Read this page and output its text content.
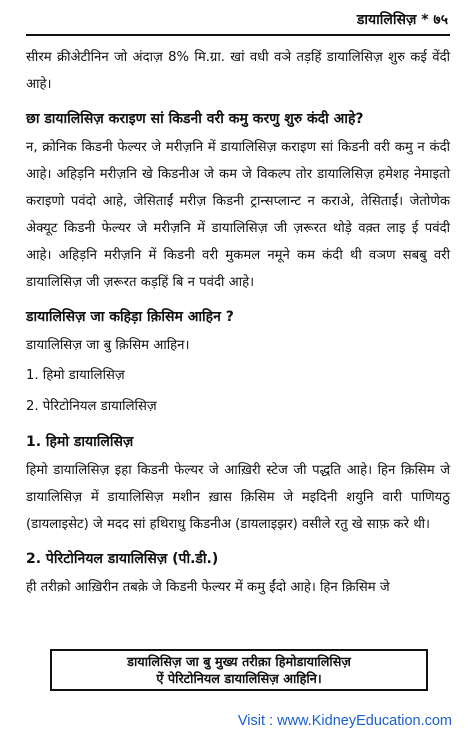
डायालिसिज़ * ७५

सीरम क्रीअेटीनिन जो अंदाज़ 8% मि.ग्रा. खां वधी वञे तड़हिं डायालिसिज़ शुरु कई वेंदी आहे।

छा डायालिसिज़ कराइण सां किडनी वरी कमु करणु शुरु कंदी आहे?

न, क्रोनिक किडनी फेल्यर जे मरीज़नि में डायालिसिज़ कराइण सां किडनी वरी कमु न कंदी आहे। अहिड़नि मरीज़नि खे किडनीअ जे कम जे विकल्प तोर डायालिसिज़ हमेशह नेमाइतो कराइणो पवंदो आहे, जेसिताईं मरीज़ किडनी ट्रान्सप्लान्ट न कराअे, तेसिताईं। जेतोणेक अेक्यूट किडनी फेल्यर जे मरीज़नि में डायालिसिज़ जी ज़रूरत थोड़े वक़्त लाइ ई पवंदी आहे। अहिड़नि मरीज़नि में किडनी वरी मुकमल नमूने कम कंदी थी वञण सबबु वरी डायालिसिज़ जी ज़रूरत कड़हिं बि न पवंदी आहे।

डायालिसिज़ जा कहिड़ा क़िसिम आहिन ?

डायालिसिज़ जा बु क़िसिम आहिन।

1. हिमो डायालिसिज़
2. पेरिटोनियल डायालिसिज़
1. हिमो डायालिसिज़

हिमो डायालिसिज़ इहा किडनी फेल्यर जे आख़िरी स्टेज जी पद्धति आहे। हिन क़िसिम जे डायालिसिज़ में डायालिसिज़ मशीन ख़ास क़िसिम जे मइदिनी शयुनि वारी पाणियठु (डायलाइसेट) जे मदद सां हथिराधु किडनीअ (डायलाइझर) वसीले रतु खे साफ़ करे थी।

2. पेरिटोनियल डायालिसिज़ (पी.डी.)

ही तरीक़ो आख़िरीन तबक़े जे किडनी फेल्यर में कमु ईंदो आहे। हिन क़िसिम जे

डायालिसिज़ जा बु मुख्य तरीक़ा हिमोडायालिसिज़
ऐं पेरिटोनियल डायालिसिज़ आहिनि।
Visit : www.KidneyEducation.com
